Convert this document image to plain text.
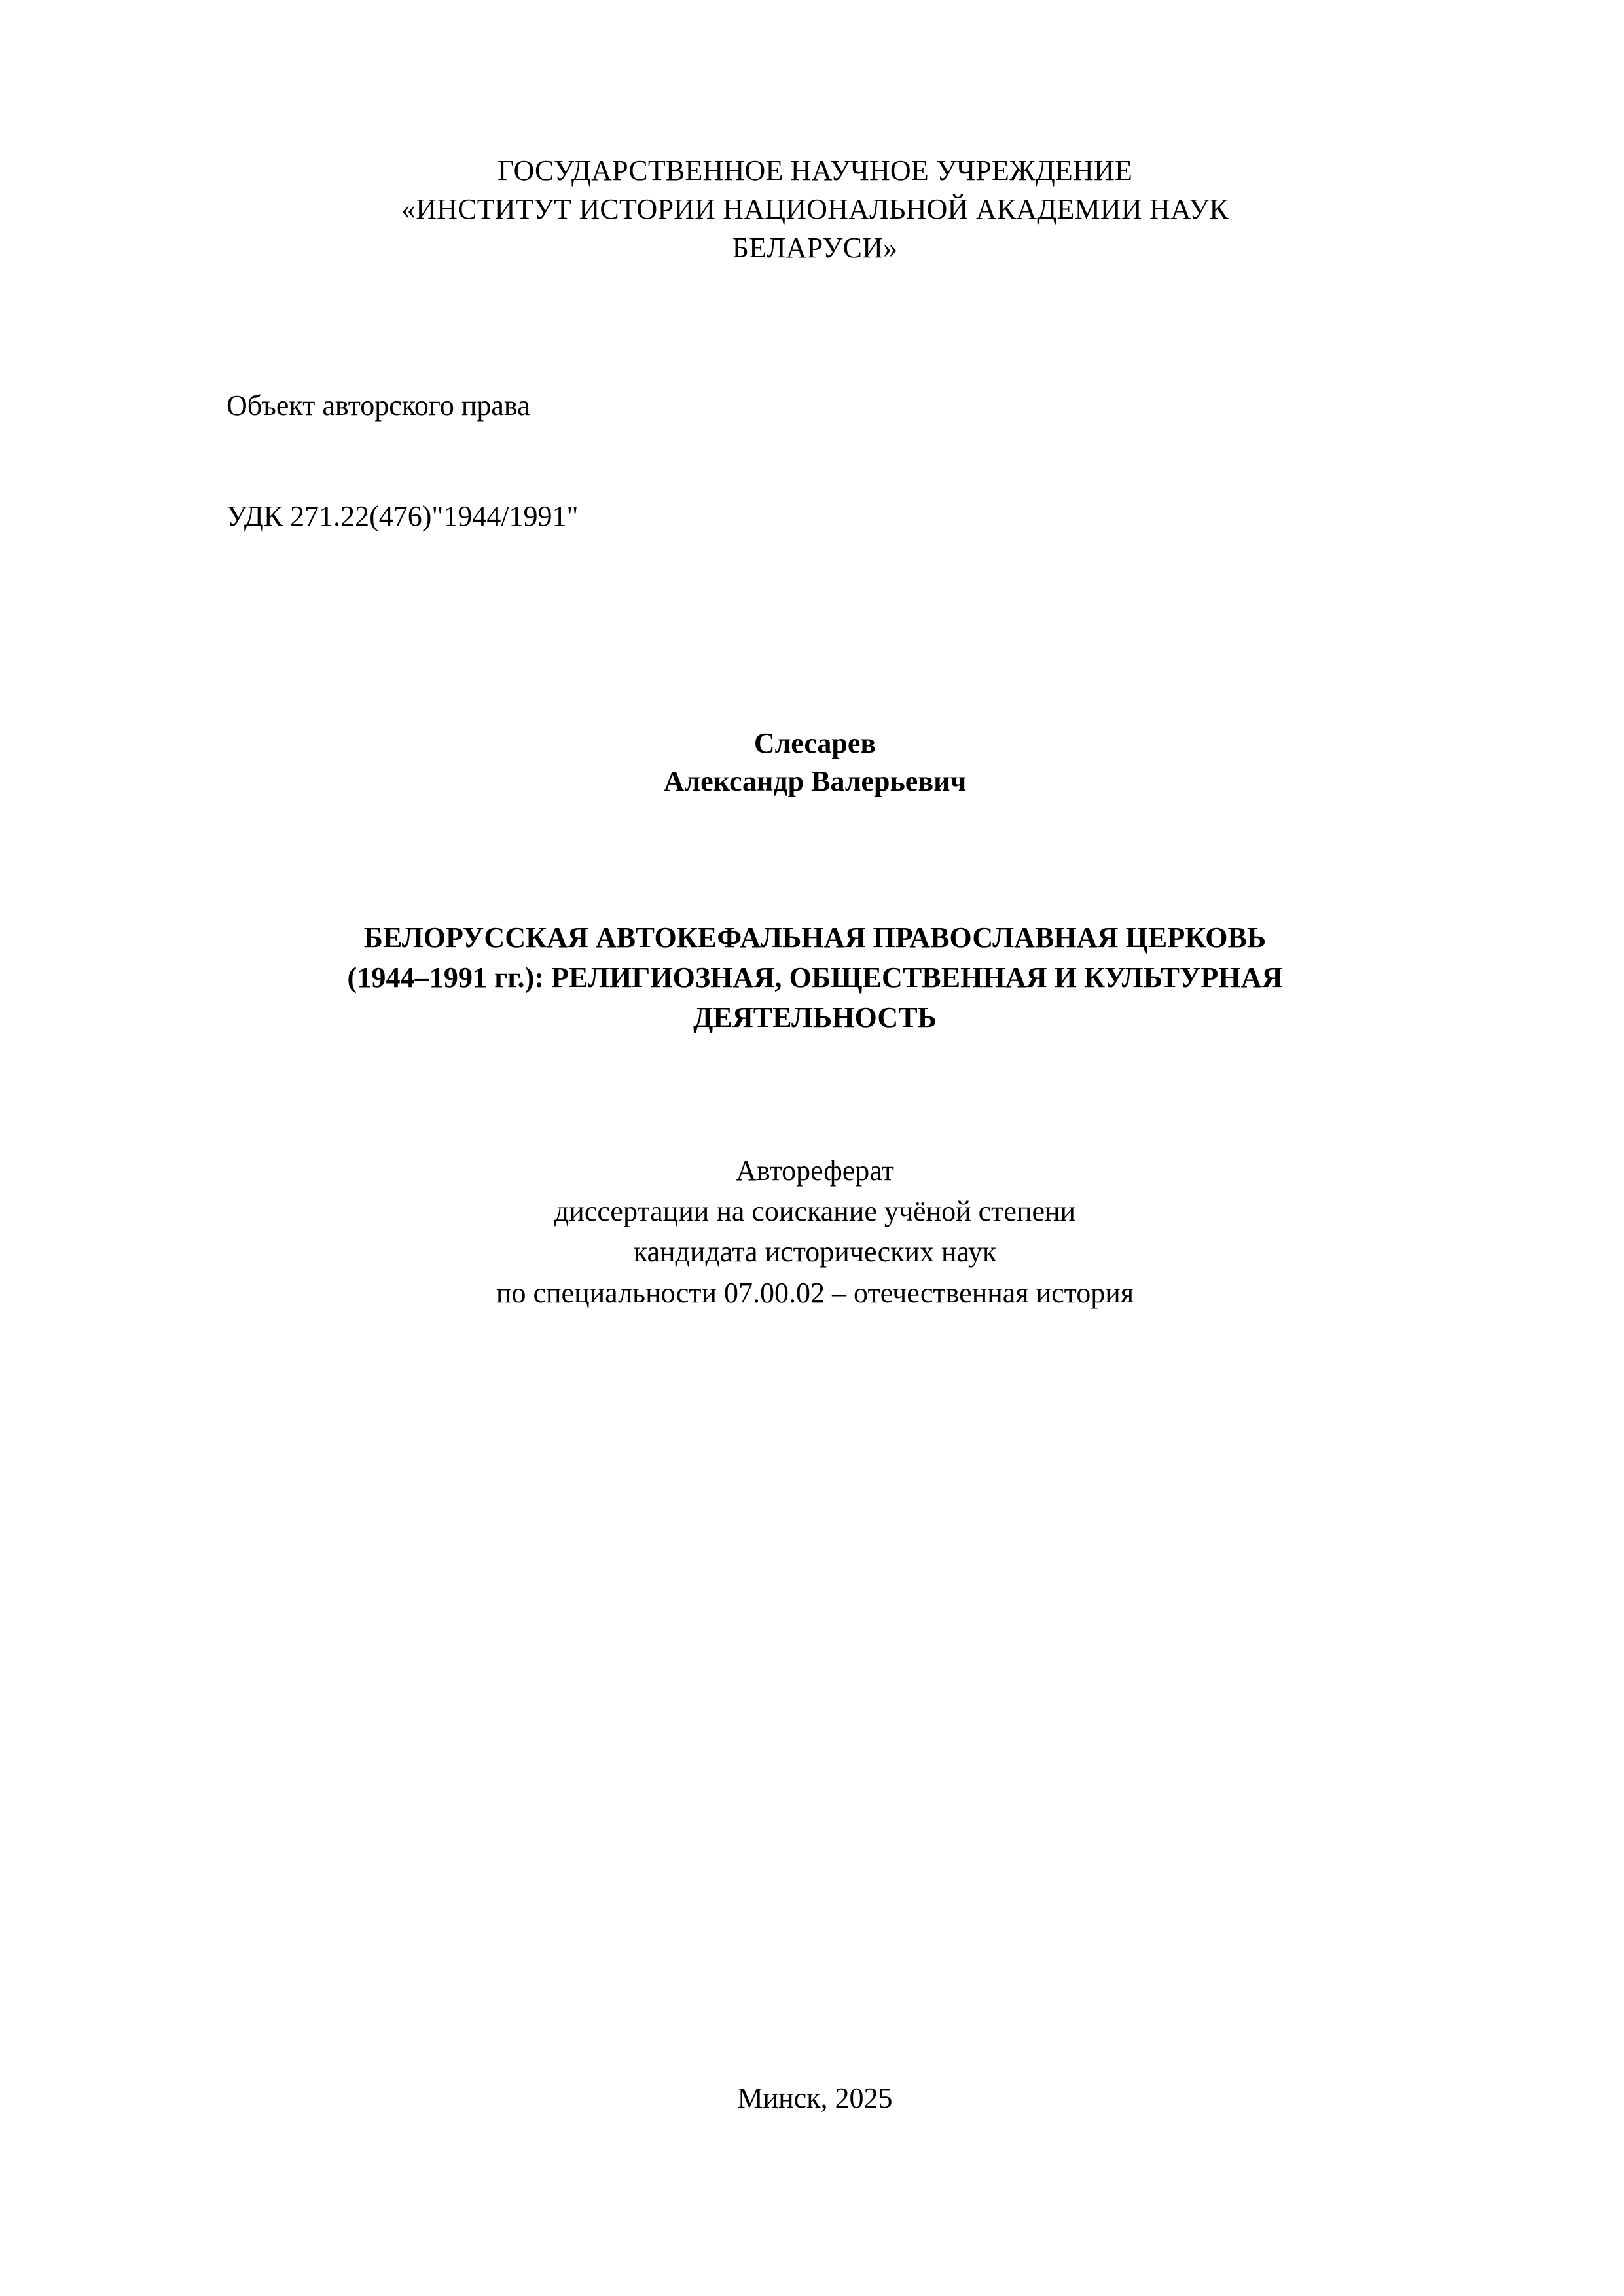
ГОСУДАРСТВЕННОЕ НАУЧНОЕ УЧРЕЖДЕНИЕ
«ИНСТИТУТ ИСТОРИИ НАЦИОНАЛЬНОЙ АКАДЕМИИ НАУК
БЕЛАРУСИ»
Объект авторского права
УДК 271.22(476)"1944/1991"
Слесарев
Александр Валерьевич
БЕЛОРУССКАЯ АВТОКЕФАЛЬНАЯ ПРАВОСЛАВНАЯ ЦЕРКОВЬ
(1944–1991 гг.): РЕЛИГИОЗНАЯ, ОБЩЕСТВЕННАЯ И КУЛЬТУРНАЯ
ДЕЯТЕЛЬНОСТЬ
Автореферат
диссертации на соискание учёной степени
кандидата исторических наук
по специальности 07.00.02 – отечественная история
Минск, 2025
